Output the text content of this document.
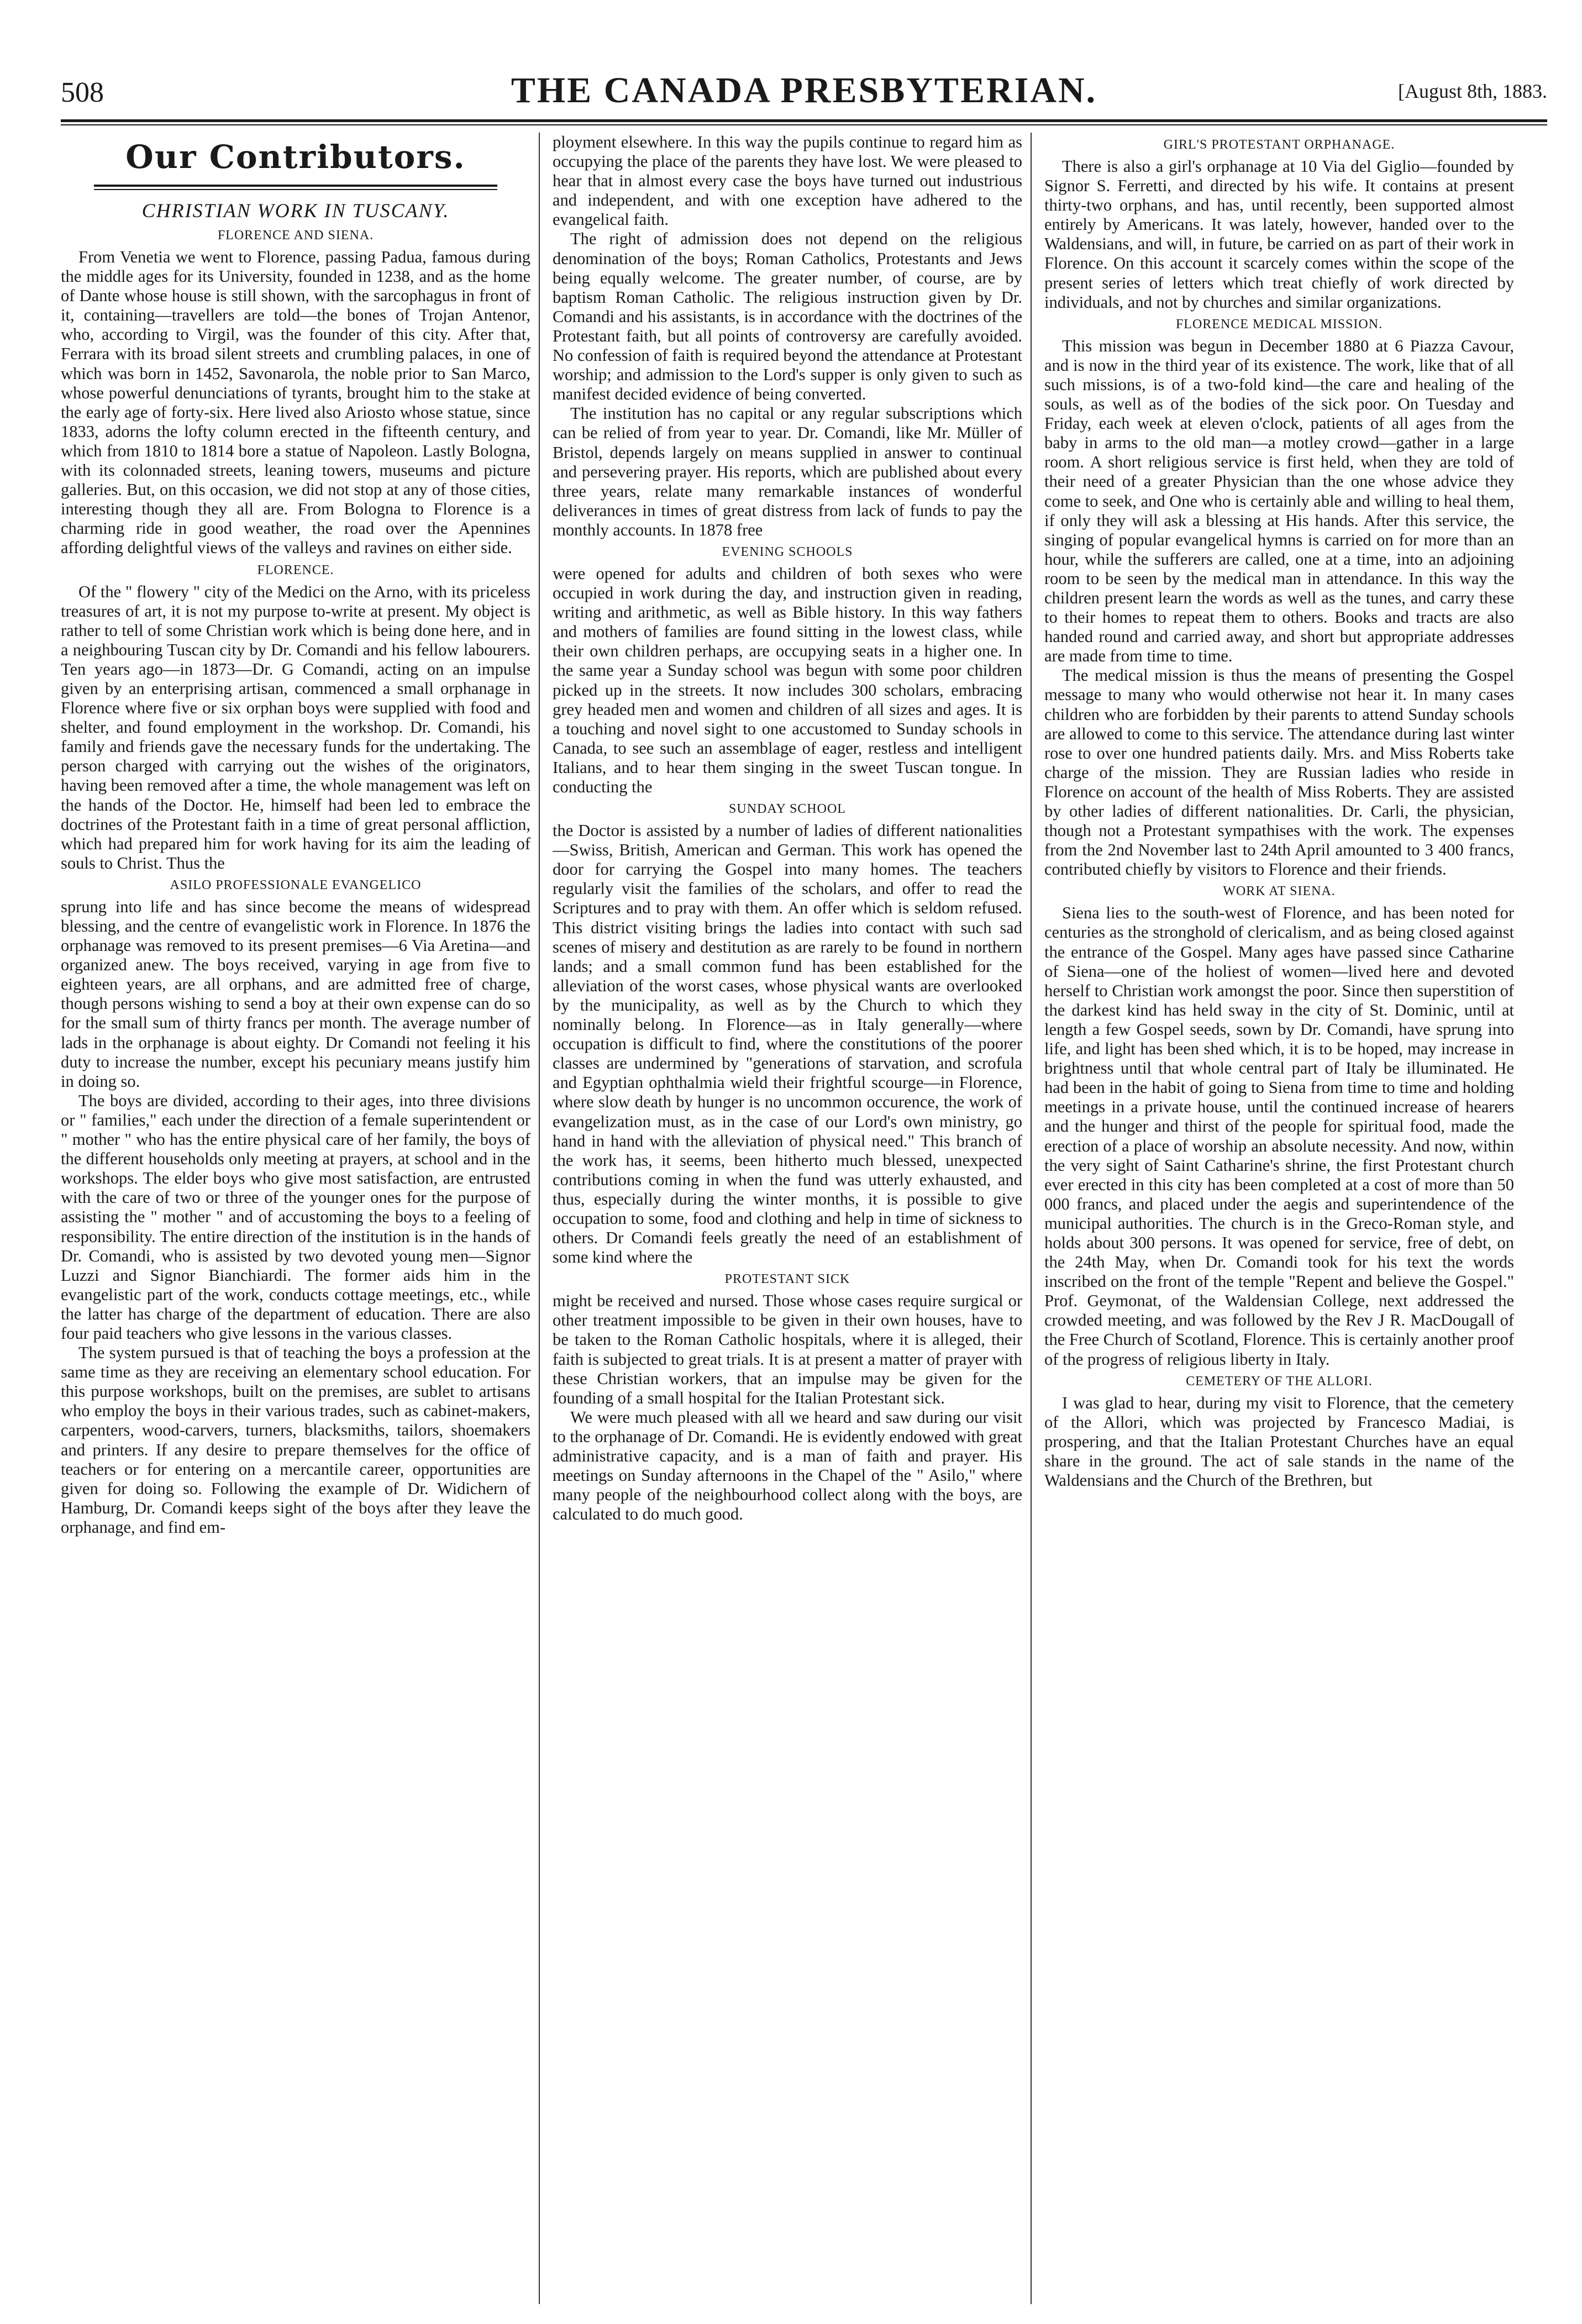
508	THE CANADA PRESBYTERIAN.	[August 8th, 1883.
Our Contributors.
CHRISTIAN WORK IN TUSCANY.
FLORENCE AND SIENA.

From Venetia we went to Florence, passing Padua, famous during the middle ages for its University, founded in 1238, and as the home of Dante whose house is still shown, with the sarcophagus in front of it, containing—travellers are told—the bones of Trojan Antenor, who, according to Virgil, was the founder of this city. After that, Ferrara with its broad silent streets and crumbling palaces, in one of which was born in 1452, Savonarola, the noble prior to San Marco, whose powerful denunciations of tyrants, brought him to the stake at the early age of forty-six. Here lived also Ariosto whose statue, since 1833, adorns the lofty column erected in the fifteenth century, and which from 1810 to 1814 bore a statue of Napoleon. Lastly Bologna, with its colonnaded streets, leaning towers, museums and picture galleries. But, on this occasion, we did not stop at any of those cities, interesting though they all are. From Bologna to Florence is a charming ride in good weather, the road over the Apennines affording delightful views of the valleys and ravines on either side.

FLORENCE.

Of the " flowery " city of the Medici on the Arno, with its priceless treasures of art, it is not my purpose to-write at present. My object is rather to tell of some Christian work which is being done here, and in a neighbouring Tuscan city by Dr. Comandi and his fellow labourers. Ten years ago—in 1873—Dr. G Comandi, acting on an impulse given by an enterprising artisan, commenced a small orphanage in Florence where five or six orphan boys were supplied with food and shelter, and found employment in the workshop. Dr. Comandi, his family and friends gave the necessary funds for the undertaking. The person charged with carrying out the wishes of the originators, having been removed after a time, the whole management was left on the hands of the Doctor. He, himself had been led to embrace the doctrines of the Protestant faith in a time of great personal affliction, which had prepared him for work having for its aim the leading of souls to Christ. Thus the

ASILO PROFESSIONALE EVANGELICO

sprung into life and has since become the means of widespread blessing, and the centre of evangelistic work in Florence. In 1876 the orphanage was removed to its present premises—6 Via Aretina—and organized anew. The boys received, varying in age from five to eighteen years, are all orphans, and are admitted free of charge, though persons wishing to send a boy at their own expense can do so for the small sum of thirty francs per month. The average number of lads in the orphanage is about eighty. Dr Comandi not feeling it his duty to increase the number, except his pecuniary means justify him in doing so.

The boys are divided, according to their ages, into three divisions or " families," each under the direction of a female superintendent or " mother " who has the entire physical care of her family, the boys of the different households only meeting at prayers, at school and in the workshops. The elder boys who give most satisfaction, are entrusted with the care of two or three of the younger ones for the purpose of assisting the " mother " and of accustoming the boys to a feeling of responsibility. The entire direction of the institution is in the hands of Dr. Comandi, who is assisted by two devoted young men—Signor Luzzi and Signor Bianchiardi. The former aids him in the evangelistic part of the work, conducts cottage meetings, etc., while the latter has charge of the department of education. There are also four paid teachers who give lessons in the various classes.

The system pursued is that of teaching the boys a profession at the same time as they are receiving an elementary school education. For this purpose workshops, built on the premises, are sublet to artisans who employ the boys in their various trades, such as cabinet-makers, carpenters, wood-carvers, turners, blacksmiths, tailors, shoemakers and printers. If any desire to prepare themselves for the office of teachers or for entering on a mercantile career, opportunities are given for doing so. Following the example of Dr. Widichern of Hamburg, Dr. Comandi keeps sight of the boys after they leave the orphanage, and find em-

ployment elsewhere. In this way the pupils continue to regard him as occupying the place of the parents they have lost. We were pleased to hear that in almost every case the boys have turned out industrious and independent, and with one exception have adhered to the evangelical faith.

The right of admission does not depend on the religious denomination of the boys; Roman Catholics, Protestants and Jews being equally welcome. The greater number, of course, are by baptism Roman Catholic. The religious instruction given by Dr. Comandi and his assistants, is in accordance with the doctrines of the Protestant faith, but all points of controversy are carefully avoided. No confession of faith is required beyond the attendance at Protestant worship; and admission to the Lord's supper is only given to such as manifest decided evidence of being converted.

The institution has no capital or any regular subscriptions which can be relied of from year to year. Dr. Comandi, like Mr. Müller of Bristol, depends largely on means supplied in answer to continual and persevering prayer. His reports, which are published about every three years, relate many remarkable instances of wonderful deliverances in times of great distress from lack of funds to pay the monthly accounts. In 1878 free

EVENING SCHOOLS

were opened for adults and children of both sexes who were occupied in work during the day, and instruction given in reading, writing and arithmetic, as well as Bible history. In this way fathers and mothers of families are found sitting in the lowest class, while their own children perhaps, are occupying seats in a higher one. In the same year a Sunday school was begun with some poor children picked up in the streets. It now includes 300 scholars, embracing grey headed men and women and children of all sizes and ages. It is a touching and novel sight to one accustomed to Sunday schools in Canada, to see such an assemblage of eager, restless and intelligent Italians, and to hear them singing in the sweet Tuscan tongue. In conducting the

SUNDAY SCHOOL

the Doctor is assisted by a number of ladies of different nationalities—Swiss, British, American and German. This work has opened the door for carrying the Gospel into many homes. The teachers regularly visit the families of the scholars, and offer to read the Scriptures and to pray with them. An offer which is seldom refused. This district visiting brings the ladies into contact with such sad scenes of misery and destitution as are rarely to be found in northern lands; and a small common fund has been established for the alleviation of the worst cases, whose physical wants are overlooked by the municipality, as well as by the Church to which they nominally belong. In Florence—as in Italy generally—where occupation is difficult to find, where the constitutions of the poorer classes are undermined by "generations of starvation, and scrofula and Egyptian ophthalmia wield their frightful scourge—in Florence, where slow death by hunger is no uncommon occurence, the work of evangelization must, as in the case of our Lord's own ministry, go hand in hand with the alleviation of physical need." This branch of the work has, it seems, been hitherto much blessed, unexpected contributions coming in when the fund was utterly exhausted, and thus, especially during the winter months, it is possible to give occupation to some, food and clothing and help in time of sickness to others. Dr Comandi feels greatly the need of an establishment of some kind where the

PROTESTANT SICK

might be received and nursed. Those whose cases require surgical or other treatment impossible to be given in their own houses, have to be taken to the Roman Catholic hospitals, where it is alleged, their faith is subjected to great trials. It is at present a matter of prayer with these Christian workers, that an impulse may be given for the founding of a small hospital for the Italian Protestant sick.

We were much pleased with all we heard and saw during our visit to the orphanage of Dr. Comandi. He is evidently endowed with great administrative capacity, and is a man of faith and prayer. His meetings on Sunday afternoons in the Chapel of the " Asilo," where many people of the neighbourhood collect along with the boys, are calculated to do much good.

GIRL'S PROTESTANT ORPHANAGE.

There is also a girl's orphanage at 10 Via del Giglio—founded by Signor S. Ferretti, and directed by his wife. It contains at present thirty-two orphans, and has, until recently, been supported almost entirely by Americans. It was lately, however, handed over to the Waldensians, and will, in future, be carried on as part of their work in Florence. On this account it scarcely comes within the scope of the present series of letters which treat chiefly of work directed by individuals, and not by churches and similar organizations.

FLORENCE MEDICAL MISSION.

This mission was begun in December 1880 at 6 Piazza Cavour, and is now in the third year of its existence. The work, like that of all such missions, is of a two-fold kind—the care and healing of the souls, as well as of the bodies of the sick poor. On Tuesday and Friday, each week at eleven o'clock, patients of all ages from the baby in arms to the old man—a motley crowd—gather in a large room. A short religious service is first held, when they are told of their need of a greater Physician than the one whose advice they come to seek, and One who is certainly able and willing to heal them, if only they will ask a blessing at His hands. After this service, the singing of popular evangelical hymns is carried on for more than an hour, while the sufferers are called, one at a time, into an adjoining room to be seen by the medical man in attendance. In this way the children present learn the words as well as the tunes, and carry these to their homes to repeat them to others. Books and tracts are also handed round and carried away, and short but appropriate addresses are made from time to time.

The medical mission is thus the means of presenting the Gospel message to many who would otherwise not hear it. In many cases children who are forbidden by their parents to attend Sunday schools are allowed to come to this service. The attendance during last winter rose to over one hundred patients daily. Mrs. and Miss Roberts take charge of the mission. They are Russian ladies who reside in Florence on account of the health of Miss Roberts. They are assisted by other ladies of different nationalities. Dr. Carli, the physician, though not a Protestant sympathises with the work. The expenses from the 2nd November last to 24th April amounted to 3 400 francs, contributed chiefly by visitors to Florence and their friends.

WORK AT SIENA.

Siena lies to the south-west of Florence, and has been noted for centuries as the stronghold of clericalism, and as being closed against the entrance of the Gospel. Many ages have passed since Catharine of Siena—one of the holiest of women—lived here and devoted herself to Christian work amongst the poor. Since then superstition of the darkest kind has held sway in the city of St. Dominic, until at length a few Gospel seeds, sown by Dr. Comandi, have sprung into life, and light has been shed which, it is to be hoped, may increase in brightness until that whole central part of Italy be illuminated. He had been in the habit of going to Siena from time to time and holding meetings in a private house, until the continued increase of hearers and the hunger and thirst of the people for spiritual food, made the erection of a place of worship an absolute necessity. And now, within the very sight of Saint Catharine's shrine, the first Protestant church ever erected in this city has been completed at a cost of more than 50 000 francs, and placed under the aegis and superintendence of the municipal authorities. The church is in the Greco-Roman style, and holds about 300 persons. It was opened for service, free of debt, on the 24th May, when Dr. Comandi took for his text the words inscribed on the front of the temple "Repent and believe the Gospel." Prof. Geymonat, of the Waldensian College, next addressed the crowded meeting, and was followed by the Rev J R. MacDougall of the Free Church of Scotland, Florence. This is certainly another proof of the progress of religious liberty in Italy.

CEMETERY OF THE ALLORI.

I was glad to hear, during my visit to Florence, that the cemetery of the Allori, which was projected by Francesco Madiai, is prospering, and that the Italian Protestant Churches have an equal share in the ground. The act of sale stands in the name of the Waldensians and the Church of the Brethren, but
